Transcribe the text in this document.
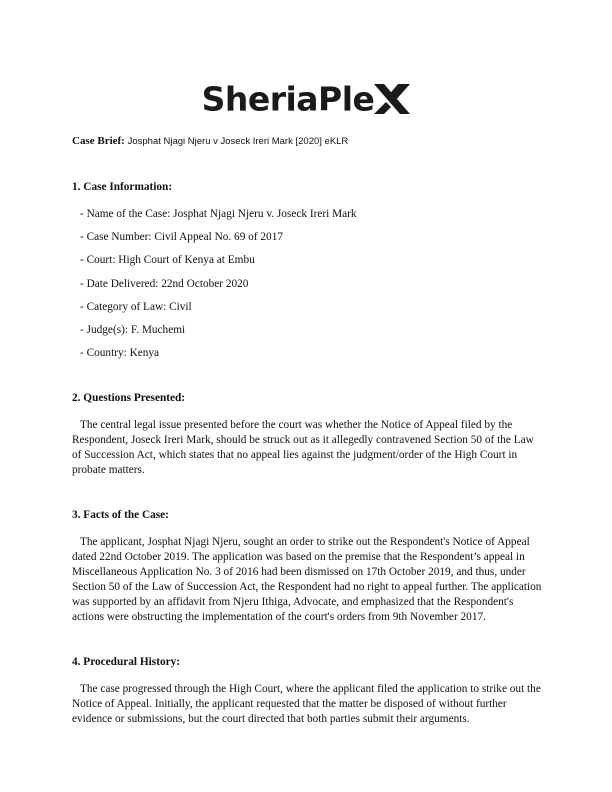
SheriaPle

Case Brief: Josphat Njagi Njeru v Joseck Ireri Mark [2020] eKLR

1. Case Information:
- Name of the Case: Josphat Njagi Njeru v. Joseck Ireri Mark
- Case Number: Civil Appeal No. 69 of 2017
- Court: High Court of Kenya at Embu
- Date Delivered: 22nd October 2020
- Category of Law: Civil
- Judge(s): F. Muchemi
- Country: Kenya
2. Questions Presented:

The central legal issue presented before the court was whether the Notice of Appeal filed by the Respondent, Joseck Ireri Mark, should be struck out as it allegedly contravened Section 50 of the Law of Succession Act, which states that no appeal lies against the judgment/order of the High Court in probate matters.

3. Facts of the Case:

The applicant, Josphat Njagi Njeru, sought an order to strike out the Respondent's Notice of Appeal dated 22nd October 2019. The application was based on the premise that the Respondent’s appeal in Miscellaneous Application No. 3 of 2016 had been dismissed on 17th October 2019, and thus, under Section 50 of the Law of Succession Act, the Respondent had no right to appeal further. The application was supported by an affidavit from Njeru Ithiga, Advocate, and emphasized that the Respondent's actions were obstructing the implementation of the court's orders from 9th November 2017.

4. Procedural History:

The case progressed through the High Court, where the applicant filed the application to strike out the Notice of Appeal. Initially, the applicant requested that the matter be disposed of without further evidence or submissions, but the court directed that both parties submit their arguments.
